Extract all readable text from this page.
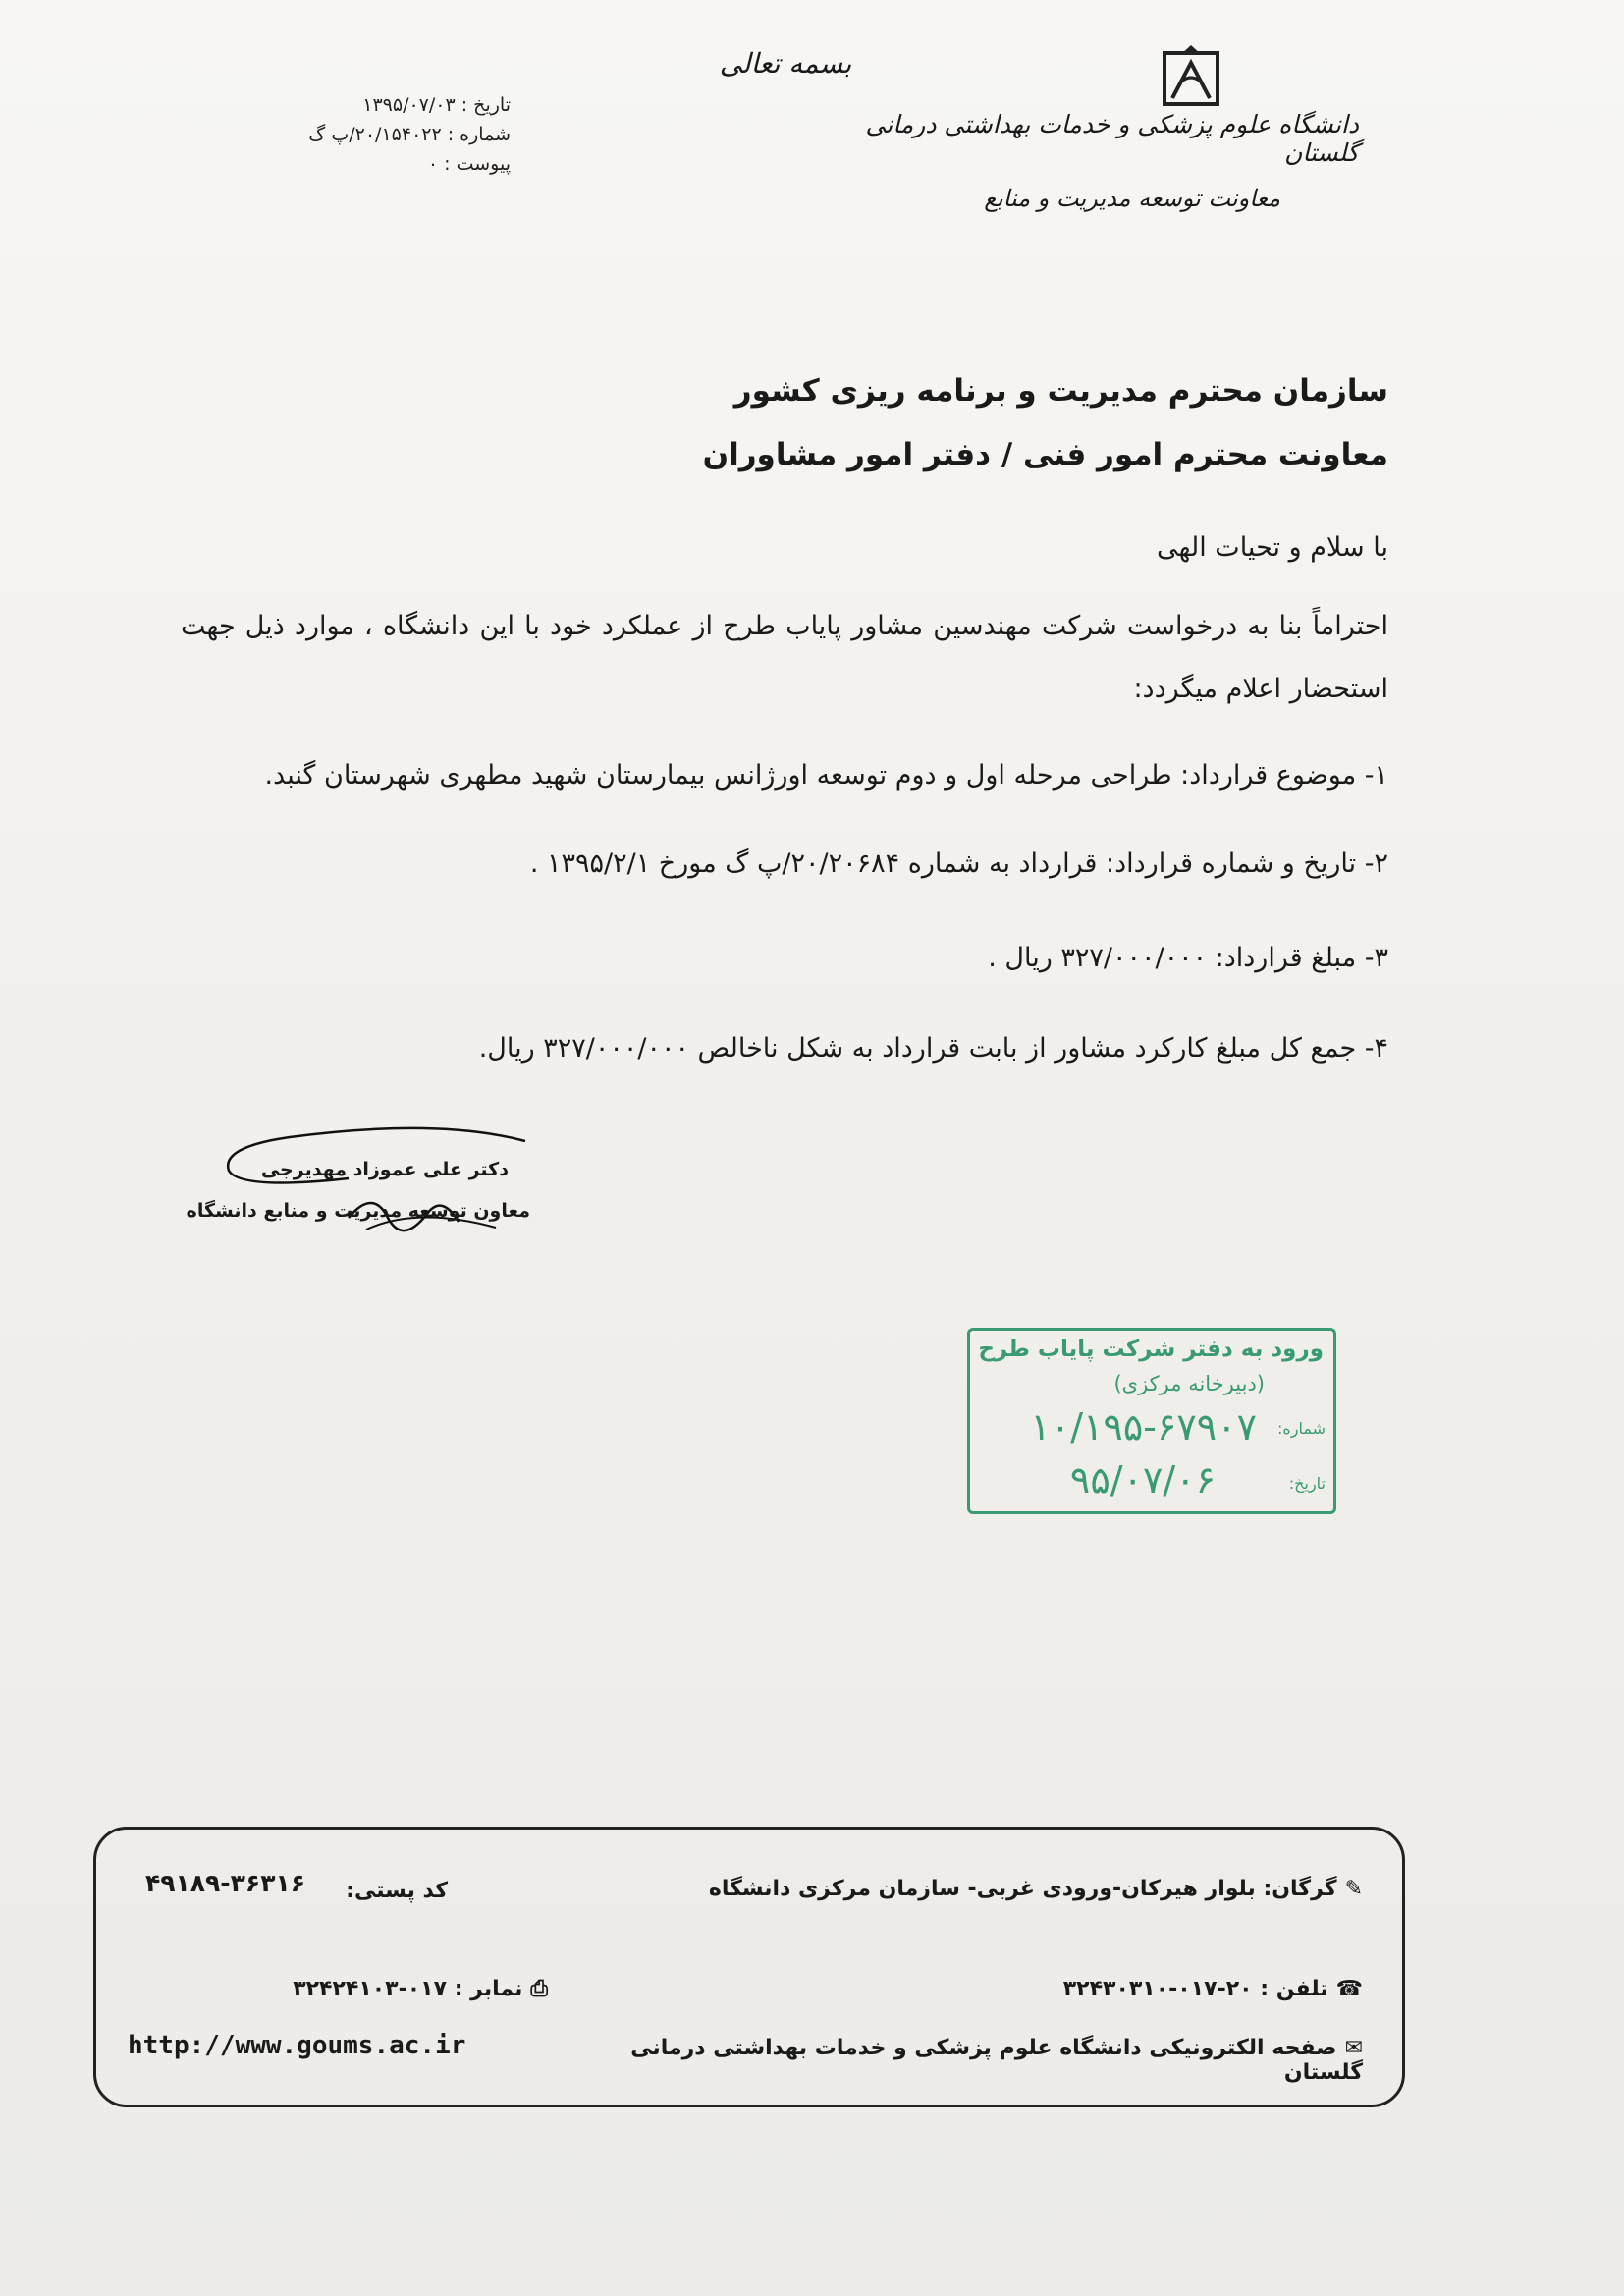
بسمه تعالی
دانشگاه علوم پزشکی و خدمات بهداشتی درمانی گلستان
معاونت توسعه مدیریت و منابع
تاریخ : ۱۳۹۵/۰۷/۰۳
شماره : ۲۰/۱۵۴۰۲۲/پ گ
پیوست : ۰
سازمان محترم مدیریت و برنامه ریزی کشور
معاونت محترم امور فنی / دفتر امور مشاوران
با سلام و تحیات الهی
احتراماً بنا به درخواست شرکت مهندسین مشاور پایاب طرح از عملکرد خود با این دانشگاه ، موارد ذیل جهت استحضار اعلام میگردد:
۱- موضوع قرارداد: طراحی مرحله اول و دوم توسعه اورژانس بیمارستان شهید مطهری شهرستان گنبد.
۲- تاریخ و شماره قرارداد: قرارداد به شماره ۲۰/۲۰۶۸۴/پ گ مورخ ۱۳۹۵/۲/۱ .
۳- مبلغ قرارداد: ۳۲۷/۰۰۰/۰۰۰ ریال .
۴- جمع کل مبلغ کارکرد مشاور از بابت قرارداد به شکل ناخالص ۳۲۷/۰۰۰/۰۰۰ ریال.
دکتر علی عموزاد مهدیرجی
معاون توسعه مدیریت و منابع دانشگاه
ورود به دفتر شرکت پایاب طرح
(دبیرخانه مرکزی)
شماره:
۱۰/۱۹۵-۶۷۹۰۷
تاریخ:
۹۵/۰۷/۰۶
✎گرگان: بلوار هیرکان-ورودی غربی- سازمان مرکزی دانشگاه
کد پستی:
۴۹۱۸۹-۳۶۳۱۶
⎙نمابر : ۰۱۷-۳۲۴۲۴۱۰۳	☎تلفن : ۲۰-۰۱۷-۳۲۴۳۰۳۱۰
http://www.goums.ac.ir	✉صفحه الکترونیکی دانشگاه علوم پزشکی و خدمات بهداشتی درمانی گلستان
